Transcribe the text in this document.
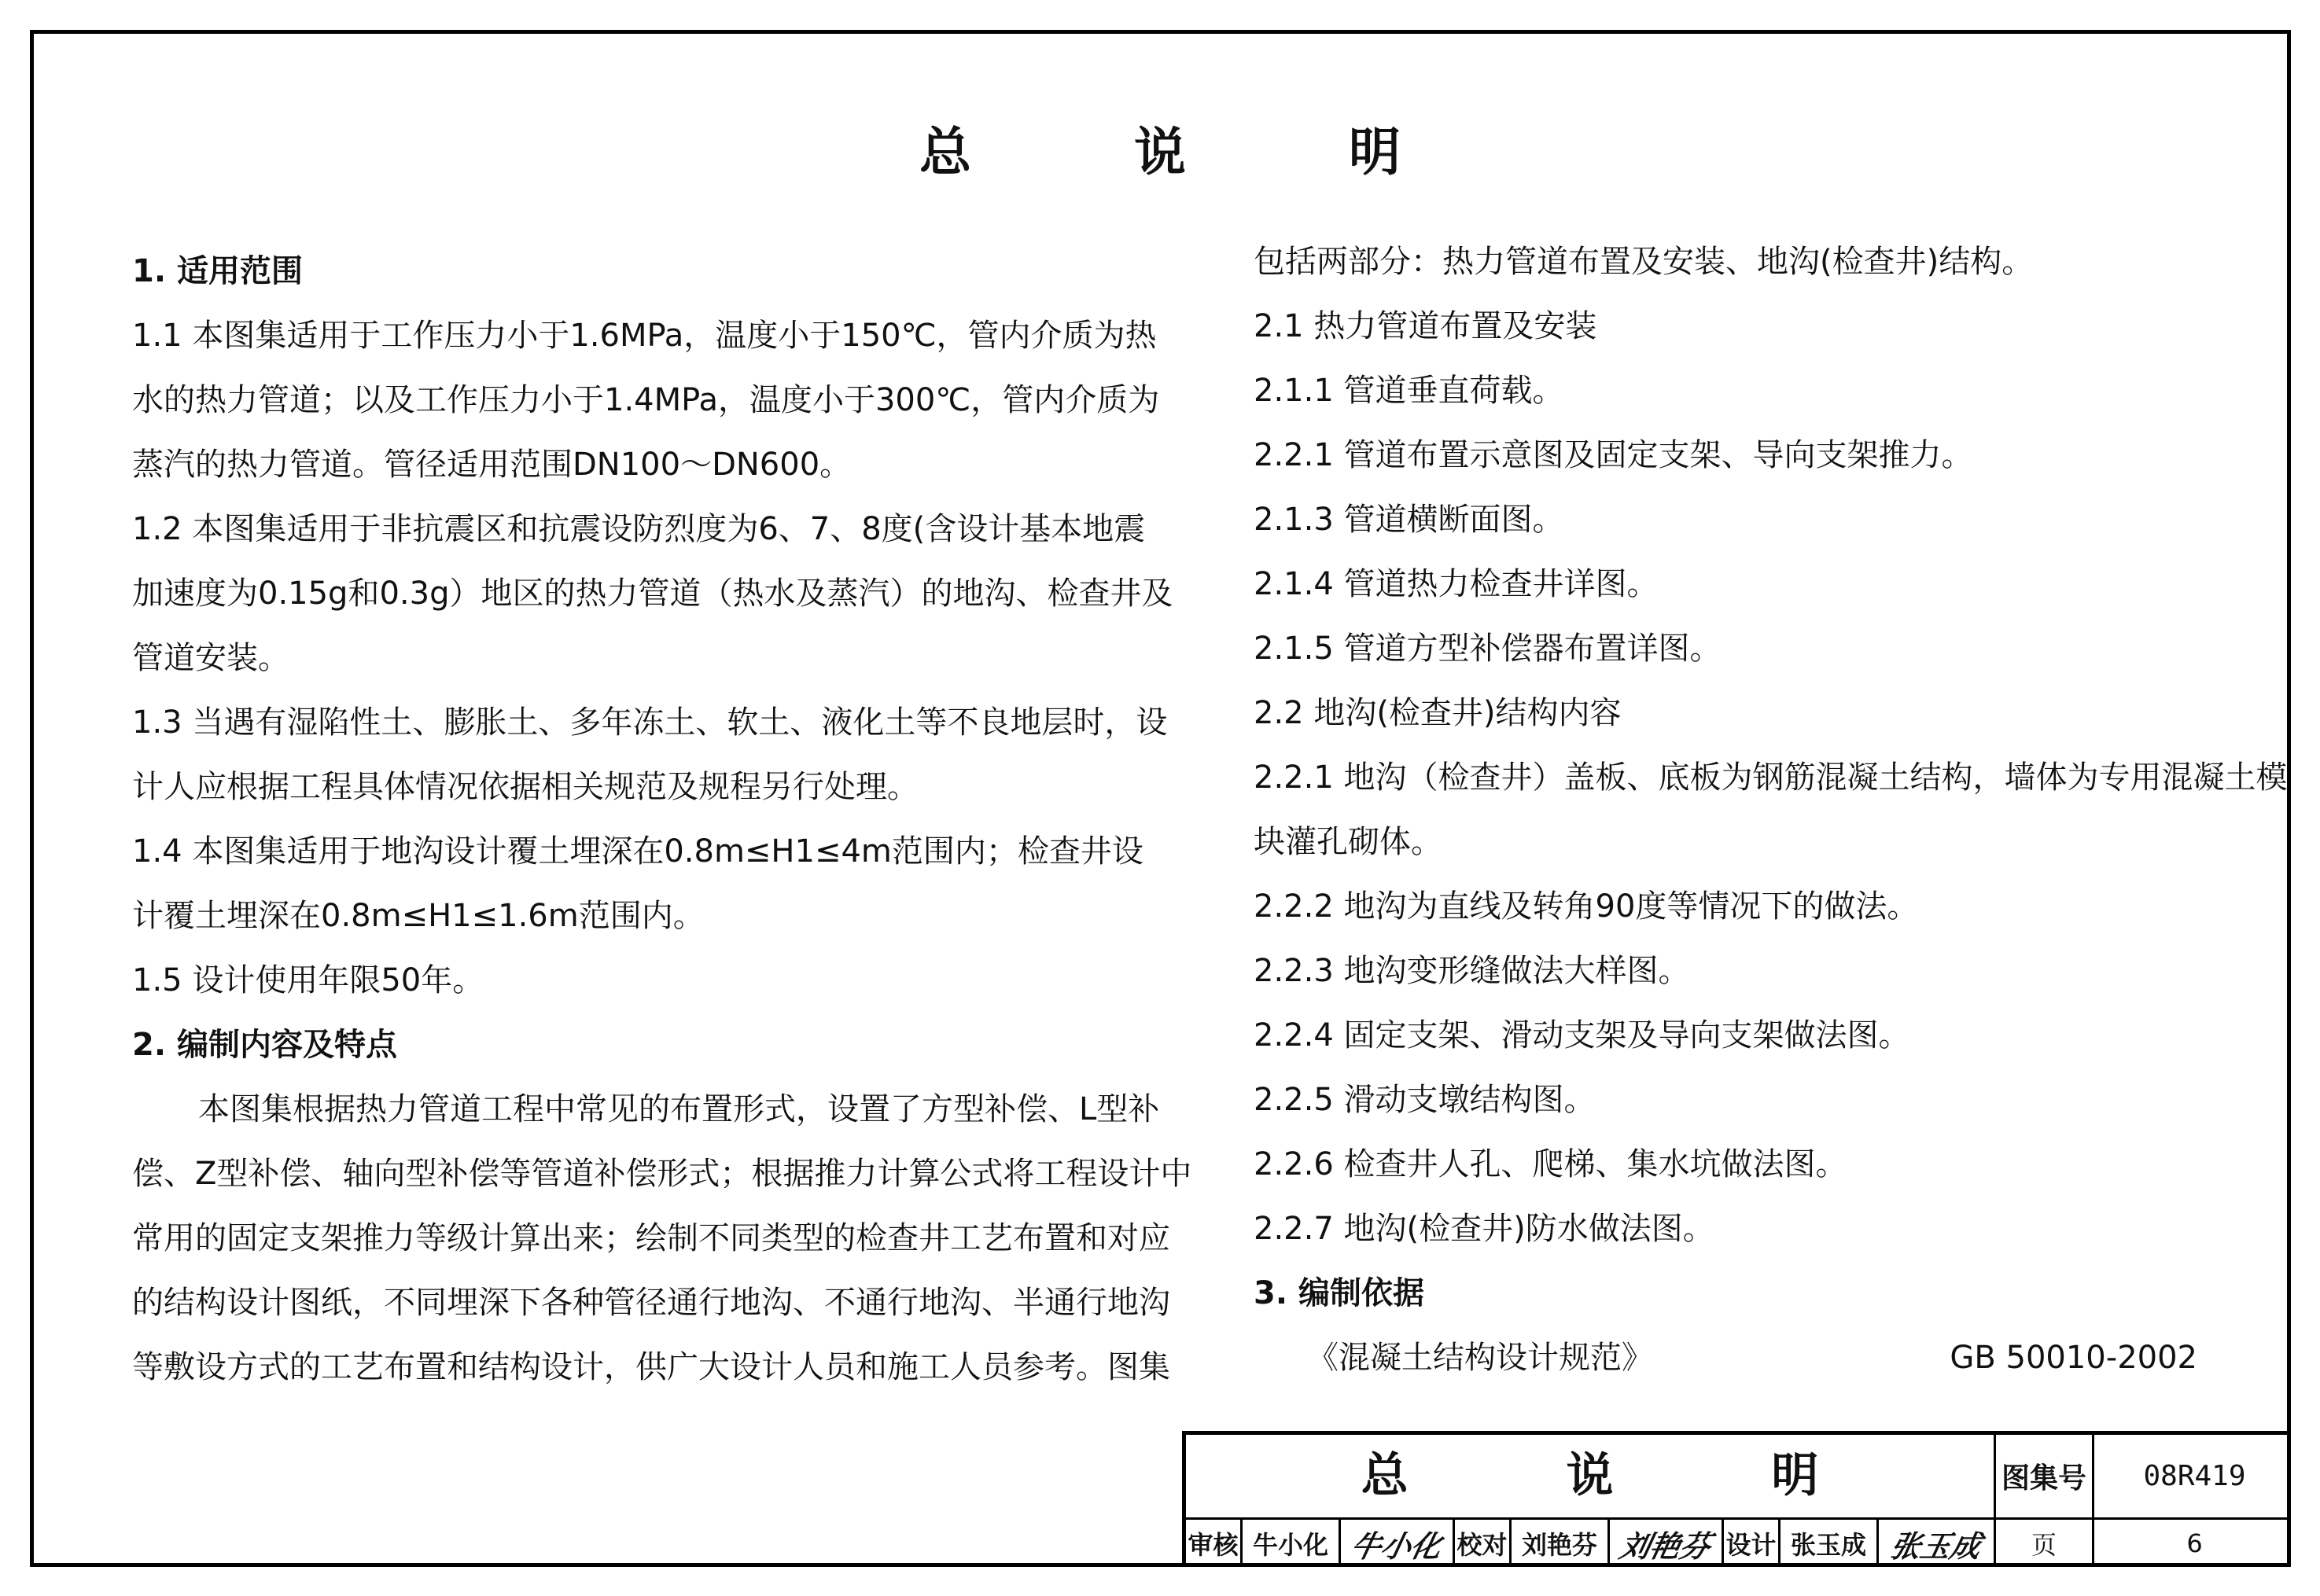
总 说 明
1. 适用范围
1.1 本图集适用于工作压力小于1.6MPa，温度小于150℃，管内介质为热
水的热力管道；以及工作压力小于1.4MPa，温度小于300℃，管内介质为
蒸汽的热力管道。管径适用范围DN100～DN600。
1.2 本图集适用于非抗震区和抗震设防烈度为6、7、8度(含设计基本地震
加速度为0.15g和0.3g）地区的热力管道（热水及蒸汽）的地沟、检查井及
管道安装。
1.3 当遇有湿陷性土、膨胀土、多年冻土、软土、液化土等不良地层时，设
计人应根据工程具体情况依据相关规范及规程另行处理。
1.4 本图集适用于地沟设计覆土埋深在0.8m≤H1≤4m范围内；检查井设
计覆土埋深在0.8m≤H1≤1.6m范围内。
1.5 设计使用年限50年。
2. 编制内容及特点
本图集根据热力管道工程中常见的布置形式，设置了方型补偿、L型补
偿、Z型补偿、轴向型补偿等管道补偿形式；根据推力计算公式将工程设计中
常用的固定支架推力等级计算出来；绘制不同类型的检查井工艺布置和对应
的结构设计图纸，不同埋深下各种管径通行地沟、不通行地沟、半通行地沟
等敷设方式的工艺布置和结构设计，供广大设计人员和施工人员参考。图集
包括两部分：热力管道布置及安装、地沟(检查井)结构。
2.1 热力管道布置及安装
2.1.1 管道垂直荷载。
2.2.1 管道布置示意图及固定支架、导向支架推力。
2.1.3 管道横断面图。
2.1.4 管道热力检查井详图。
2.1.5 管道方型补偿器布置详图。
2.2 地沟(检查井)结构内容
2.2.1 地沟（检查井）盖板、底板为钢筋混凝土结构，墙体为专用混凝土模
块灌孔砌体。
2.2.2 地沟为直线及转角90度等情况下的做法。
2.2.3 地沟变形缝做法大样图。
2.2.4 固定支架、滑动支架及导向支架做法图。
2.2.5 滑动支墩结构图。
2.2.6 检查井人孔、爬梯、集水坑做法图。
2.2.7 地沟(检查井)防水做法图。
3. 编制依据
《混凝土结构设计规范》	GB 50010-2002
总 说 明	图集号	08R419
审核 牛小化 牛小化 校对 刘艳芬 刘艳芬 设计 张玉成 张玉成	页	6
